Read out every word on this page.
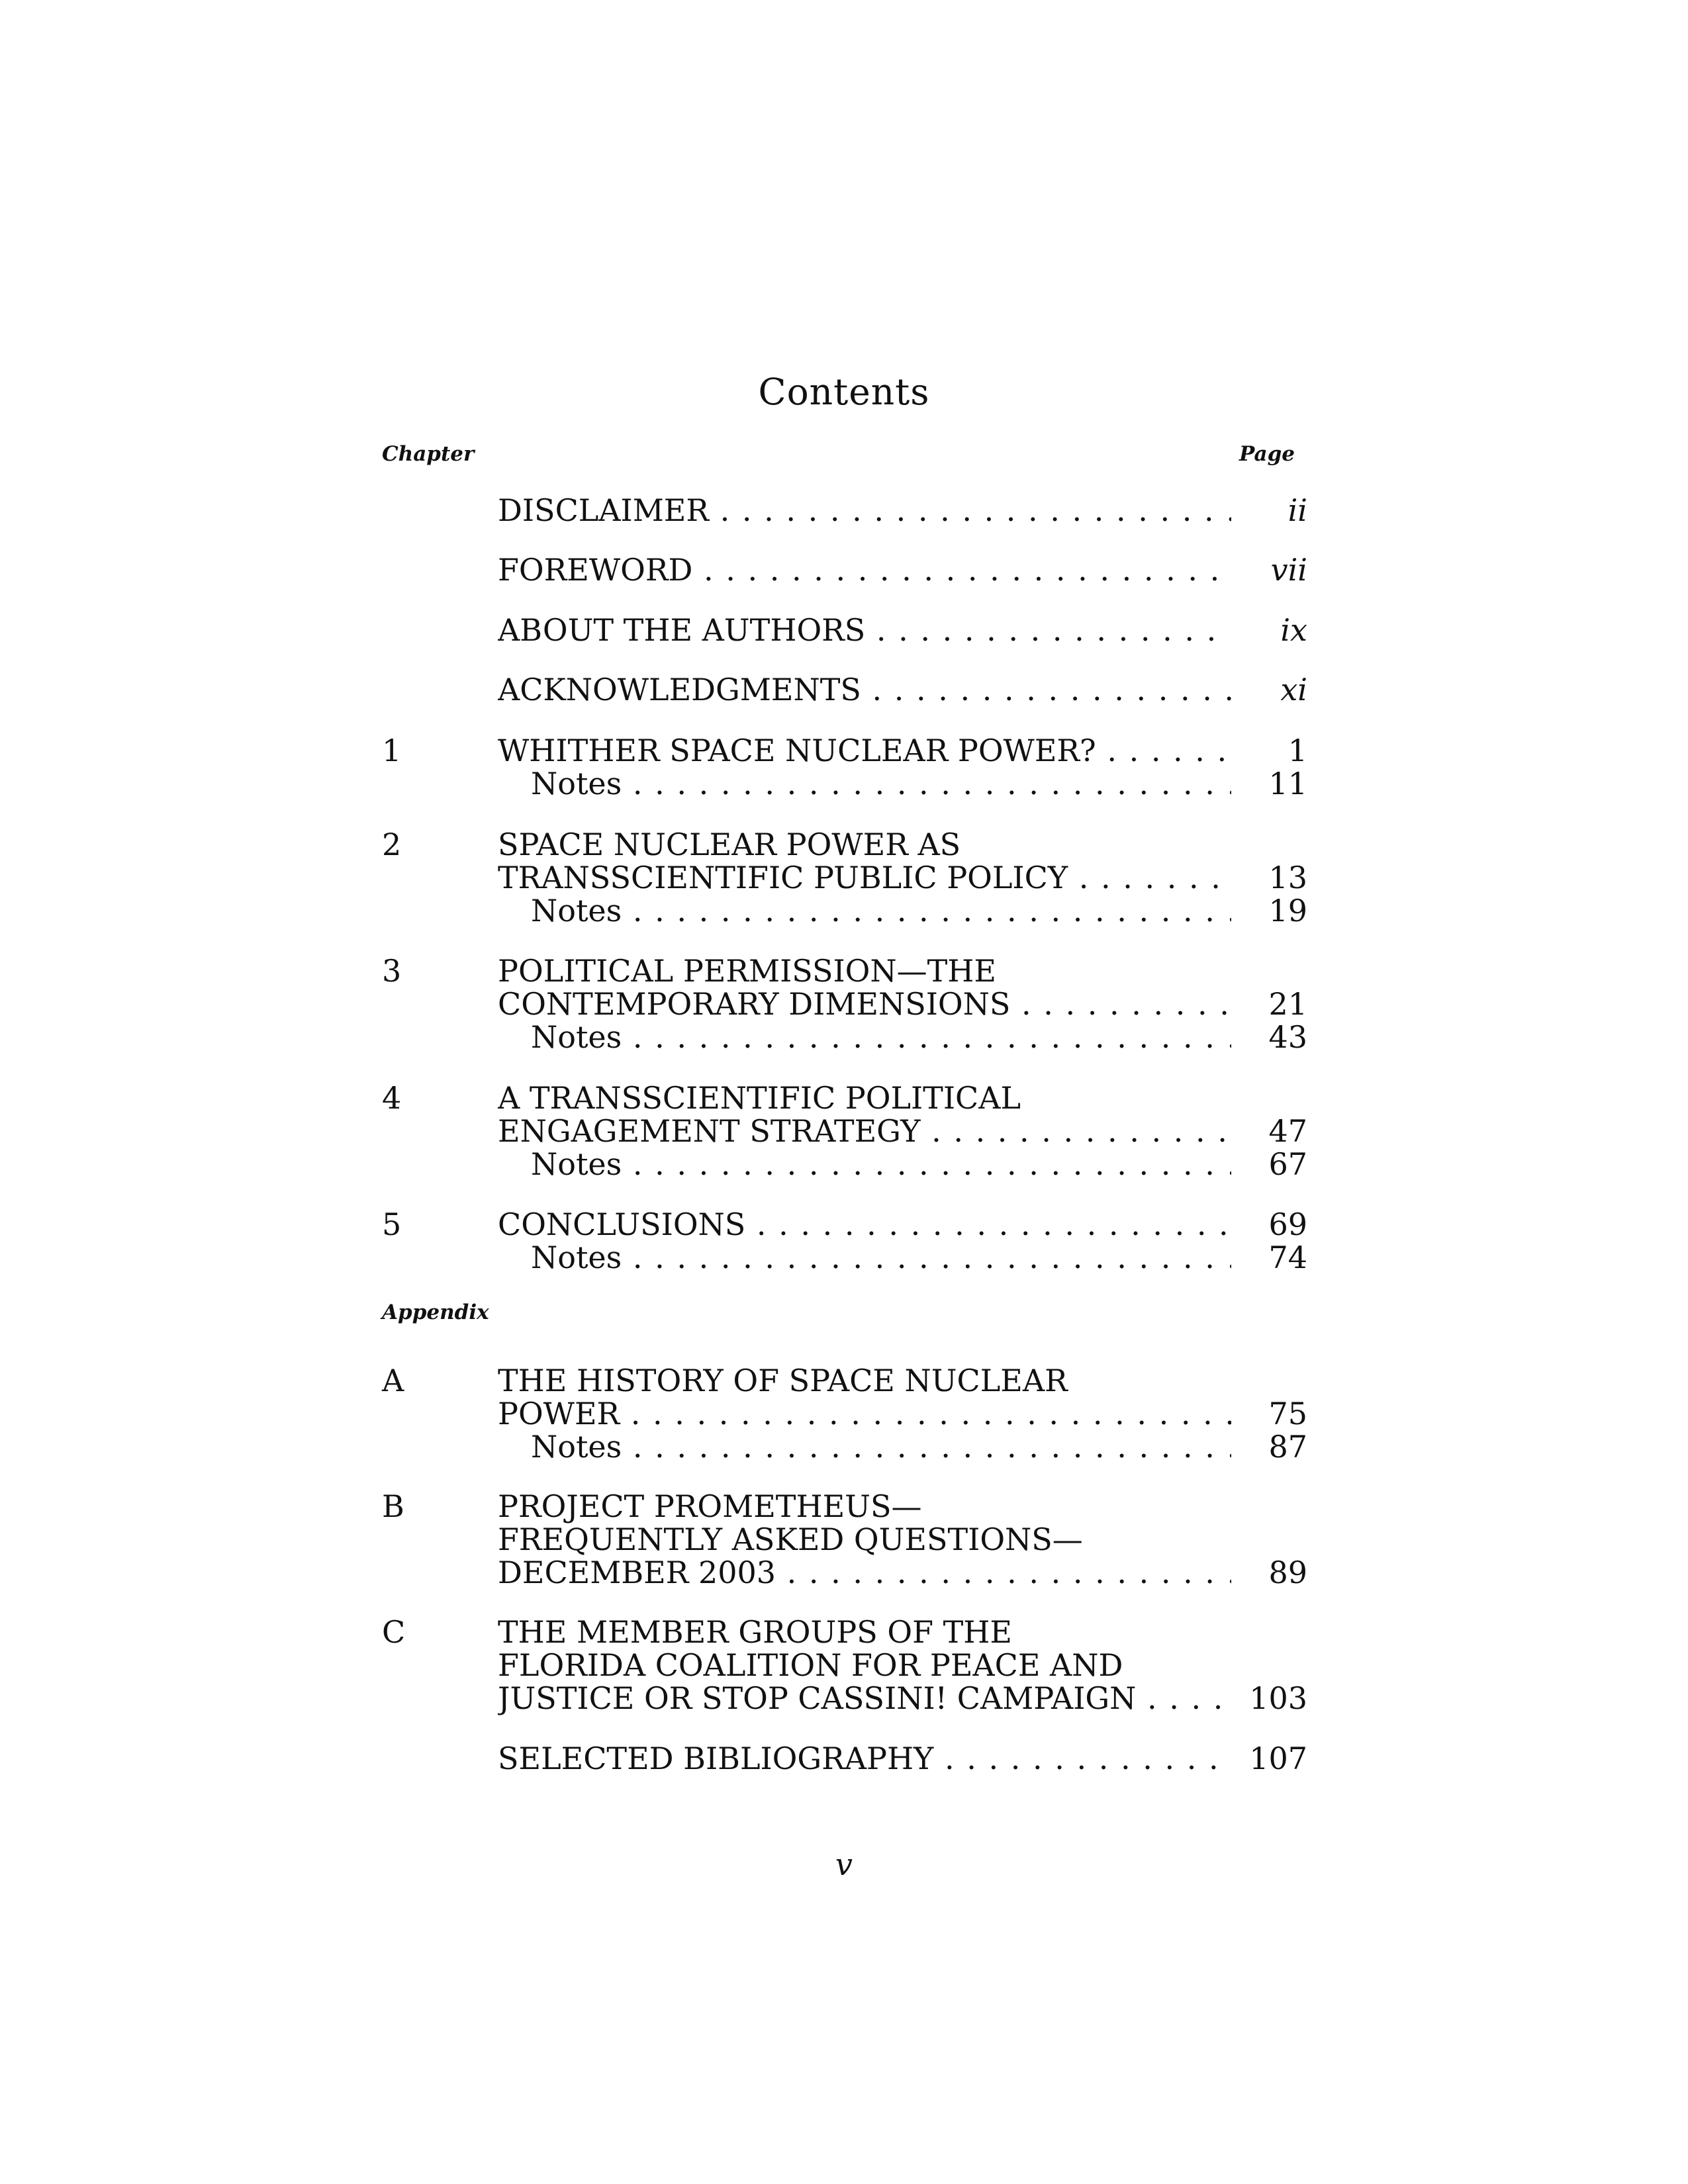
Contents
Chapter	Page
DISCLAIMER . . .	ii
FOREWORD . . .	vii
ABOUT THE AUTHORS . . .	ix
ACKNOWLEDGMENTS . . .	xi
1	WHITHER SPACE NUCLEAR POWER? . . .	1
Notes . . .	11
2	SPACE NUCLEAR POWER AS
TRANSSCIENTIFIC PUBLIC POLICY . . .	13
Notes . . .	19
3	POLITICAL PERMISSION—THE
CONTEMPORARY DIMENSIONS . . .	21
Notes . . .	43
4	A TRANSSCIENTIFIC POLITICAL
ENGAGEMENT STRATEGY . . .	47
Notes . . .	67
5	CONCLUSIONS . . .	69
Notes . . .	74
A	THE HISTORY OF SPACE NUCLEAR
POWER . . .	75
Notes . . .	87
B	PROJECT PROMETHEUS—
FREQUENTLY ASKED QUESTIONS—
DECEMBER 2003 . . .	89
C	THE MEMBER GROUPS OF THE
FLORIDA COALITION FOR PEACE AND
JUSTICE OR STOP CASSINI! CAMPAIGN . . .	103
SELECTED BIBLIOGRAPHY . . .	107
Appendix
v
